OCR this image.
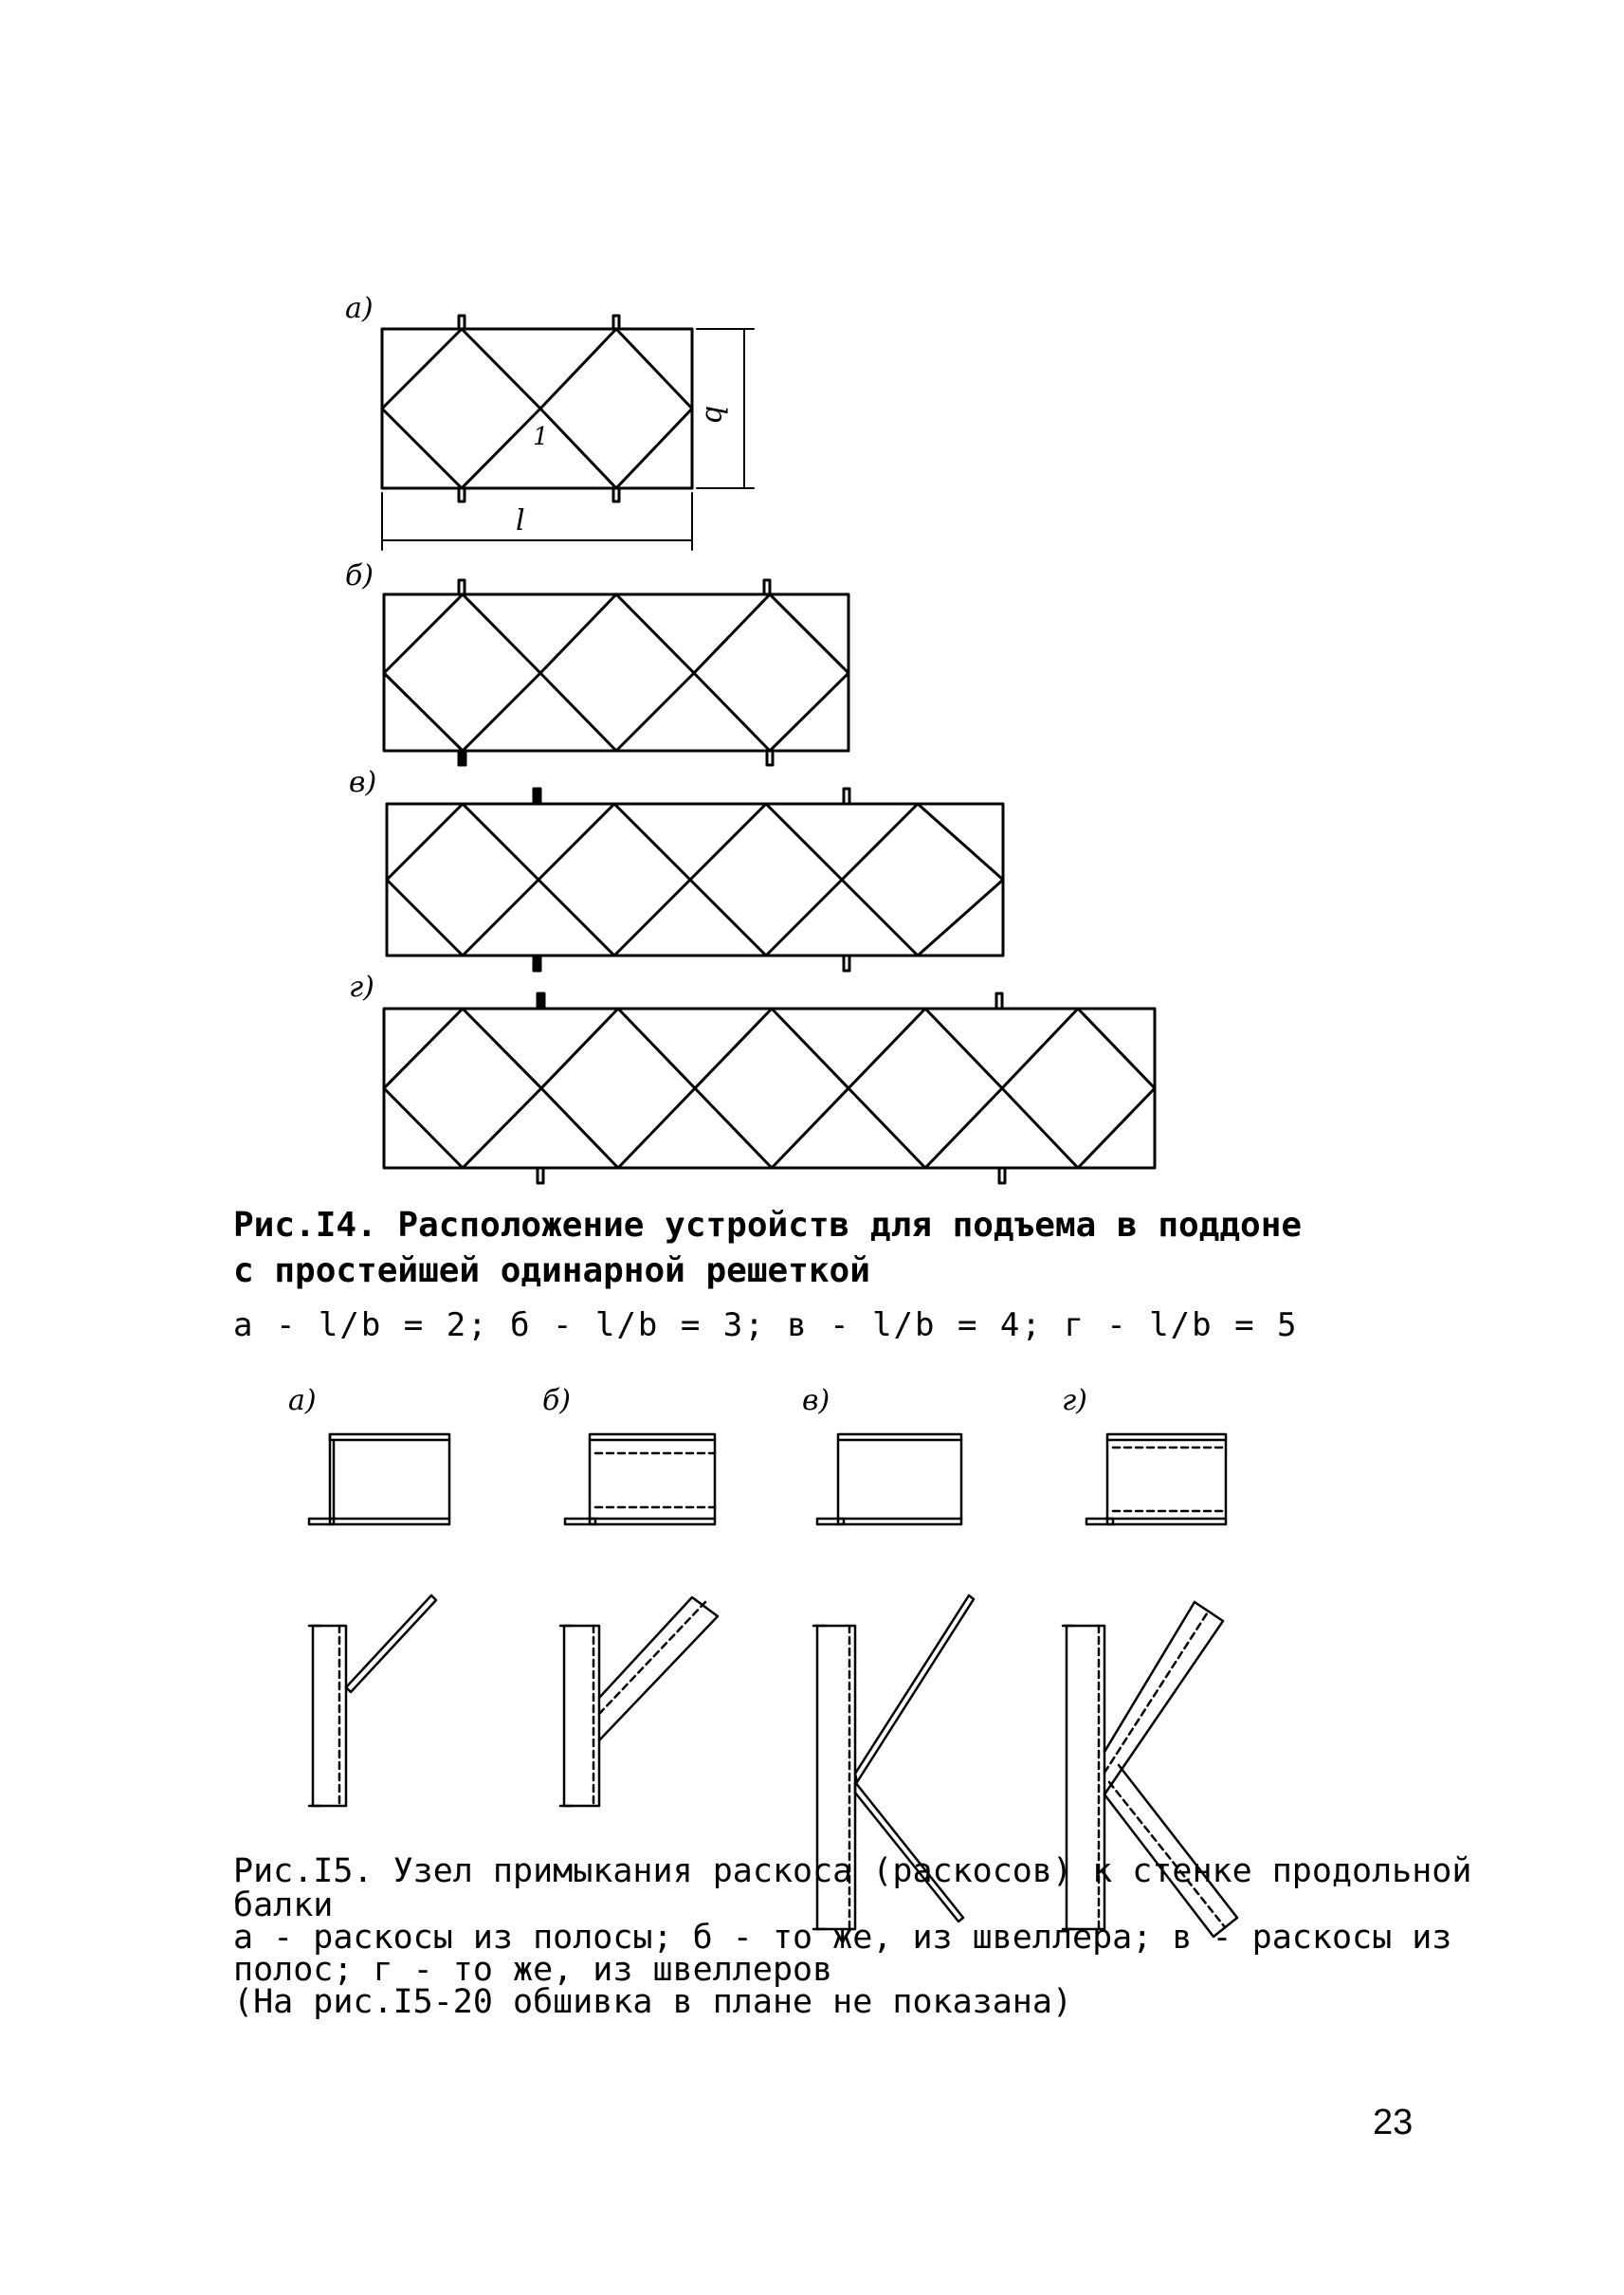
а)
б)
в)
г)
l
b
1
Рис.I4. Расположение устройств для подъема в поддоне
с простейшей одинарной решеткой
а - l/b = 2; б - l/b = 3; в - l/b = 4; г - l/b = 5
а)	б)	в)	г)
Рис.I5. Узел примыкания раскоса (раскосов) к стенке продольной
балки
а - раскосы из полосы; б - то же, из швеллера; в - раскосы из
полос; г - то же, из швеллеров
(На рис.I5-20 обшивка в плане не показана)
23
